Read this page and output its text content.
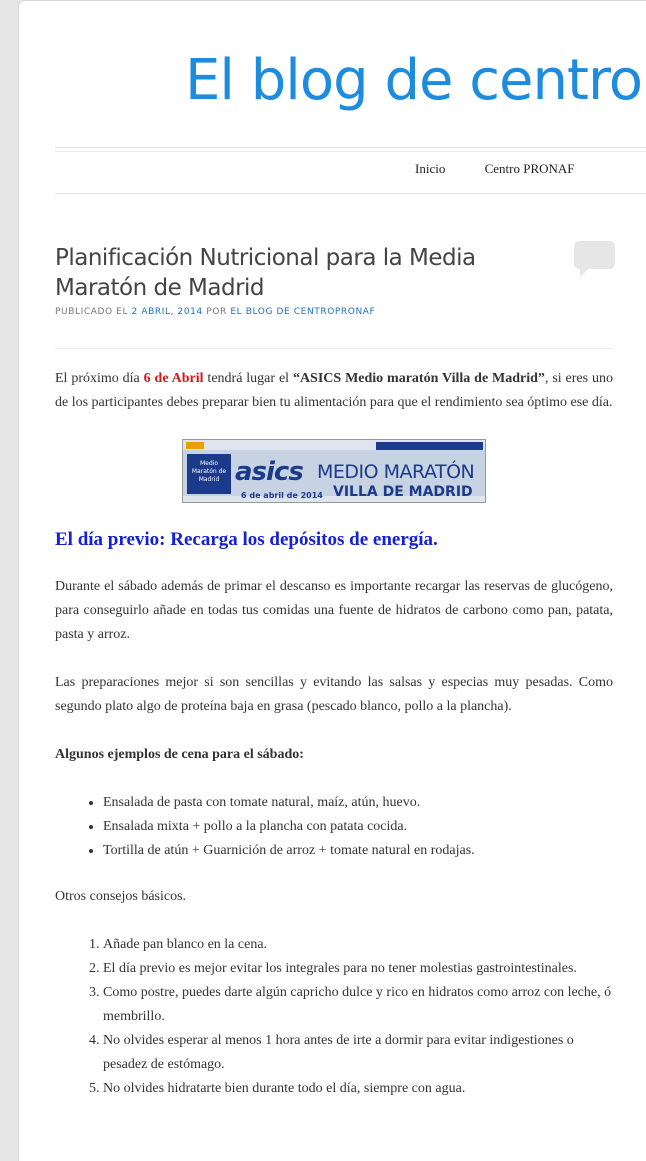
El blog de centro
Inicio	Centro PRONAF
Planificación Nutricional para la Media Maratón de Madrid
PUBLICADO EL 2 ABRIL, 2014 POR EL BLOG DE CENTROPRONAF

El próximo día 6 de Abril tendrá lugar el “ASICS Medio maratón Villa de Madrid”, si eres uno de los participantes debes preparar bien tu alimentación para que el rendimiento sea óptimo ese día.

Medio Maratón de Madrid asics MEDIO MARATÓN
6 de abril de 2014 VILLA DE MADRID
El día previo: Recarga los depósitos de energía.

Durante el sábado además de primar el descanso es importante recargar las reservas de glucógeno, para conseguirlo añade en todas tus comidas una fuente de hidratos de carbono como pan, patata, pasta y arroz.

Las preparaciones mejor si son sencillas y evitando las salsas y especias muy pesadas. Como segundo plato algo de proteína baja en grasa (pescado blanco, pollo a la plancha).

Algunos ejemplos de cena para el sábado:

• Ensalada de pasta con tomate natural, maíz, atún, huevo.
• Ensalada mixta + pollo a la plancha con patata cocida.
• Tortilla de atún + Guarnición de arroz + tomate natural en rodajas.

Otros consejos básicos.

1. Añade pan blanco en la cena.
2. El día previo es mejor evitar los integrales para no tener molestias gastrointestinales.
3. Como postre, puedes darte algún capricho dulce y rico en hidratos como arroz con leche, ó membrillo.
4. No olvides esperar al menos 1 hora antes de irte a dormir para evitar indigestiones o pesadez de estómago.
5. No olvides hidratarte bien durante todo el día, siempre con agua.
